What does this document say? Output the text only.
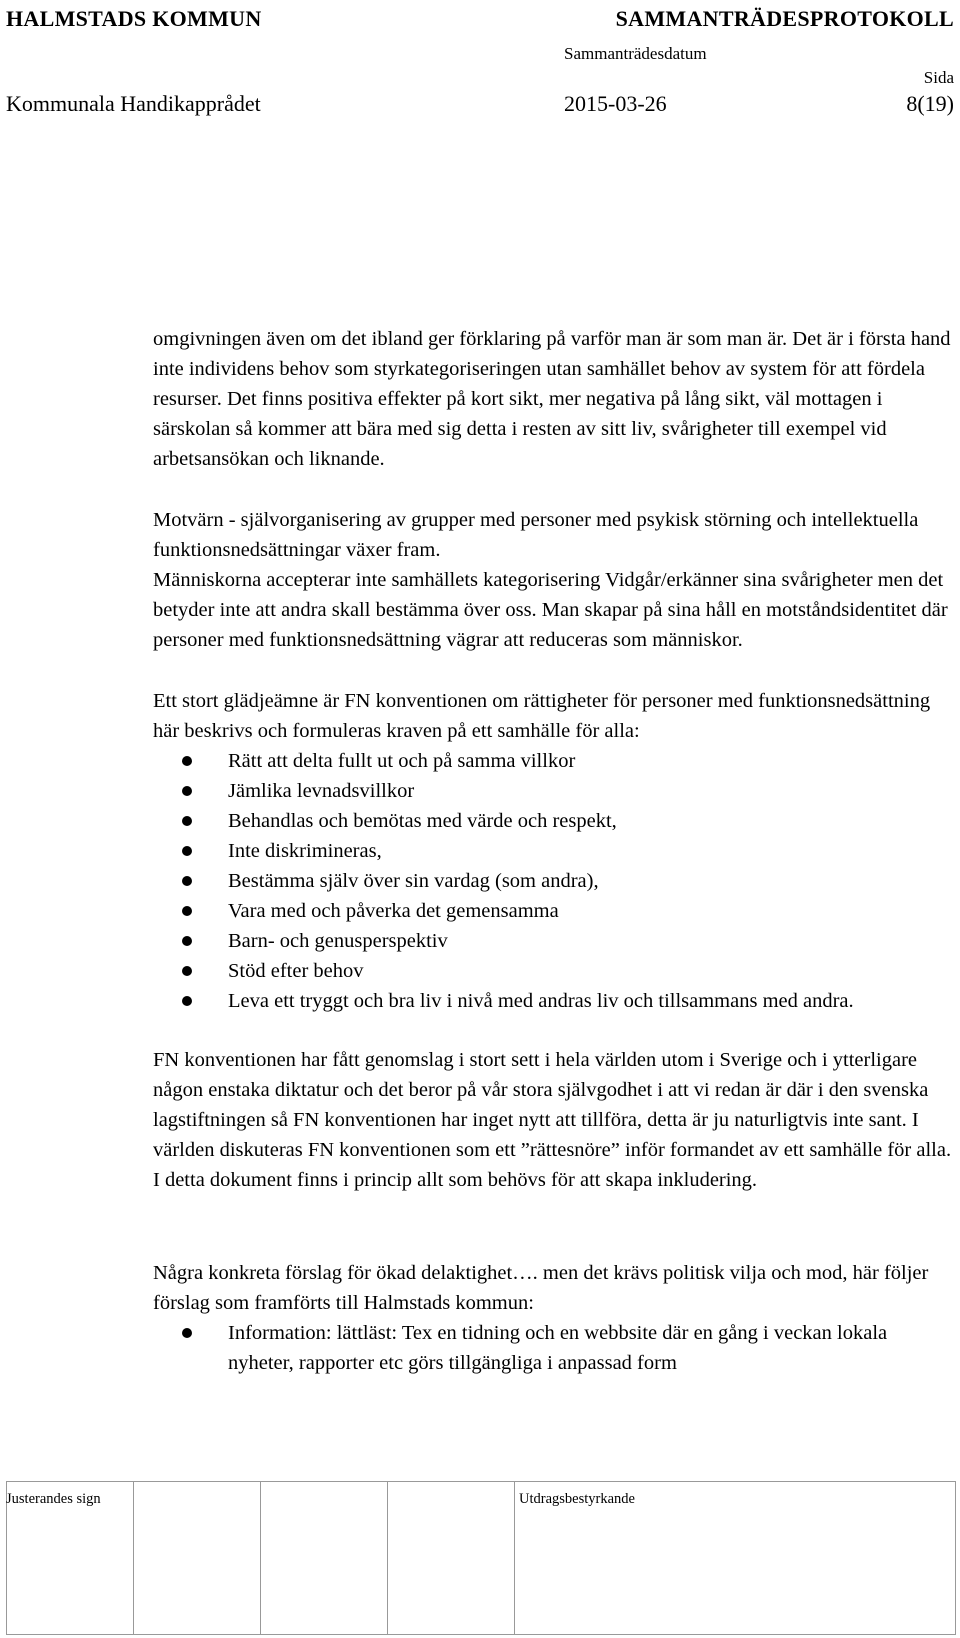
HALMSTADS KOMMUN	SAMMANTRÄDESPROTOKOLL
Sammanträdesdatum
Sida
Kommunala Handikapprådet	2015-03-26	8(19)

omgivningen även om det ibland ger förklaring på varför man är som man är. Det är i första hand inte individens behov som styrkategoriseringen utan samhället behov av system för att fördela resurser. Det finns positiva effekter på kort sikt, mer negativa på lång sikt, väl mottagen i särskolan så kommer att bära med sig detta i resten av sitt liv, svårigheter till exempel vid arbetsansökan och liknande.

Motvärn - självorganisering av grupper med personer med psykisk störning och intellektuella funktionsnedsättningar växer fram.

Människorna accepterar inte samhällets kategorisering Vidgår/erkänner sina svårigheter men det betyder inte att andra skall bestämma över oss. Man skapar på sina håll en motståndsidentitet där personer med funktionsnedsättning vägrar att reduceras som människor.

Ett stort glädjeämne är FN konventionen om rättigheter för personer med funktionsnedsättning här beskrivs och formuleras kraven på ett samhälle för alla:

Rätt att delta fullt ut och på samma villkor
Jämlika levnadsvillkor
Behandlas och bemötas med värde och respekt,
Inte diskrimineras,
Bestämma själv över sin vardag (som andra),
Vara med och påverka det gemensamma
Barn- och genusperspektiv
Stöd efter behov
Leva ett tryggt och bra liv i nivå med andras liv och tillsammans med andra.

FN konventionen har fått genomslag i stort sett i hela världen utom i Sverige och i ytterligare någon enstaka diktatur och det beror på vår stora självgodhet i att vi redan är där i den svenska lagstiftningen så FN konventionen har inget nytt att tillföra, detta är ju naturligtvis inte sant. I världen diskuteras FN konventionen som ett ”rättesnöre” inför formandet av ett samhälle för alla. I detta dokument finns i princip allt som behövs för att skapa inkludering.

Några konkreta förslag för ökad delaktighet…. men det krävs politisk vilja och mod, här följer förslag som framförts till Halmstads kommun:

Information: lättläst: Tex en tidning och en webbsite där en gång i veckan lokala nyheter, rapporter etc görs tillgängliga i anpassad form
Justerandes sign	Utdragsbestyrkande
